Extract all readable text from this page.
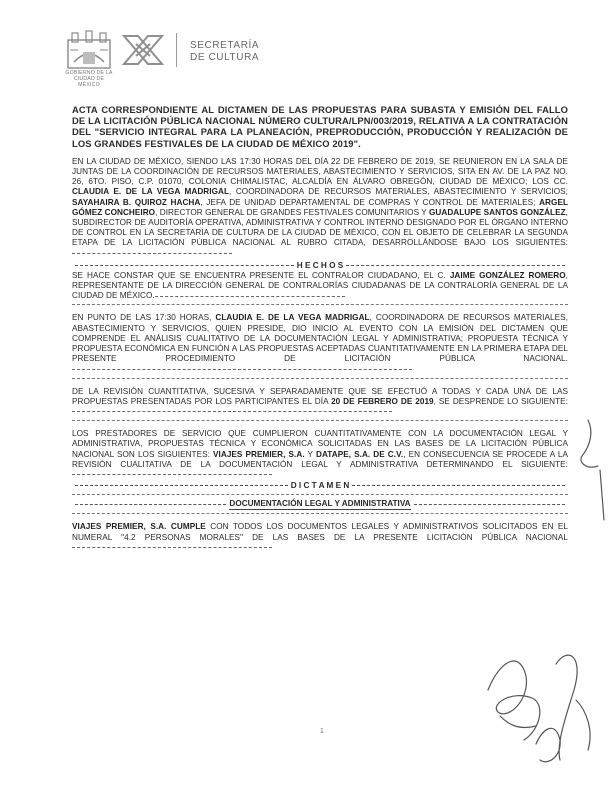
GOBIERNO DE LA
CIUDAD DE MÉXICO
SECRETARÍA
DE CULTURA

ACTA CORRESPONDIENTE AL DICTAMEN DE LAS PROPUESTAS PARA SUBASTA Y EMISIÓN DEL FALLO DE LA LICITACIÓN PÚBLICA NACIONAL NÚMERO CULTURA/LPN/003/2019, RELATIVA A LA CONTRATACIÓN DEL "SERVICIO INTEGRAL PARA LA PLANEACIÓN, PREPRODUCCIÓN, PRODUCCIÓN Y REALIZACIÓN DE LOS GRANDES FESTIVALES DE LA CIUDAD DE MÉXICO 2019".

EN LA CIUDAD DE MÉXICO, SIENDO LAS 17:30 HORAS DEL DÍA 22 DE FEBRERO DE 2019, SE REUNIERON EN LA SALA DE JUNTAS DE LA COORDINACIÓN DE RECURSOS MATERIALES, ABASTECIMIENTO Y SERVICIOS, SITA EN AV. DE LA PAZ NO. 26, 6TO. PISO, C.P. 01070, COLONIA CHIMALISTAC, ALCALDÍA EN ÁLVARO OBREGÓN, CIUDAD DE MÉXICO; LOS CC. CLAUDIA E. DE LA VEGA MADRIGAL, COORDINADORA DE RECURSOS MATERIALES, ABASTECIMIENTO Y SERVICIOS; SAYAHAIRA B. QUIROZ HACHA, JEFA DE UNIDAD DEPARTAMENTAL DE COMPRAS Y CONTROL DE MATERIALES; ARGEL GÓMEZ CONCHEIRO, DIRECTOR GENERAL DE GRANDES FESTIVALES COMUNITARIOS Y GUADALUPE SANTOS GONZÁLEZ, SUBDIRECTOR DE AUDITORÍA OPERATIVA, ADMINISTRATIVA Y CONTROL INTERNO DESIGNADO POR EL ÓRGANO INTERNO DE CONTROL EN LA SECRETARIA DE CULTURA DE LA CIUDAD DE MÉXICO, CON EL OBJETO DE CELEBRAR LA SEGUNDA ETAPA DE LA LICITACIÓN PÚBLICA NACIONAL AL RUBRO CITADA, DESARROLLÁNDOSE BAJO LOS SIGUIENTES:

H E C H O S

SE HACE CONSTAR QUE SE ENCUENTRA PRESENTE EL CONTRALOR CIUDADANO, EL C. JAIME GONZÁLEZ ROMERO, REPRESENTANTE DE LA DIRECCIÓN GENERAL DE CONTRALORÍAS CIUDADANAS DE LA CONTRALORÍA GENERAL DE LA CIUDAD DE MÉXICO.

EN PUNTO DE LAS 17:30 HORAS, CLAUDIA E. DE LA VEGA MADRIGAL, COORDINADORA DE RECURSOS MATERIALES, ABASTECIMIENTO Y SERVICIOS, QUIEN PRESIDE, DIO INICIO AL EVENTO CON LA EMISIÓN DEL DICTAMEN QUE COMPRENDE EL ANÁLISIS CUALITATIVO DE LA DOCUMENTACIÓN LEGAL Y ADMINISTRATIVA; PROPUESTA TÉCNICA Y PROPUESTA ECONÓMICA EN FUNCIÓN A LAS PROPUESTAS ACEPTADAS CUANTITATIVAMENTE EN LA PRIMERA ETAPA DEL PRESENTE PROCEDIMIENTO DE LICITACIÓN PÚBLICA NACIONAL.

DE LA REVISIÓN CUANTITATIVA, SUCESIVA Y SEPARADAMENTE QUE SE EFECTUÓ A TODAS Y CADA UNA DE LAS PROPUESTAS PRESENTADAS POR LOS PARTICIPANTES EL DÍA 20 DE FEBRERO DE 2019, SE DESPRENDE LO SIGUIENTE:

LOS PRESTADORES DE SERVICIO QUE CUMPLIERON CUANTITATIVAMENTE CON LA DOCUMENTACIÓN LEGAL Y ADMINISTRATIVA, PROPUESTAS TÉCNICA Y ECONÓMICA SOLICITADAS EN LAS BASES DE LA LICITACIÓN PÚBLICA NACIONAL SON LOS SIGUIENTES: VIAJES PREMIER, S.A. Y DATAPE, S.A. DE C.V., EN CONSECUENCIA SE PROCEDE A LA REVISIÓN CUALITATIVA DE LA DOCUMENTACIÓN LEGAL Y ADMINISTRATIVA DETERMINANDO EL SIGUIENTE:

D I C T A M E N
DOCUMENTACIÓN LEGAL Y ADMINISTRATIVA

VIAJES PREMIER, S.A. CUMPLE CON TODOS LOS DOCUMENTOS LEGALES Y ADMINISTRATIVOS SOLICITADOS EN EL NUMERAL "4.2 PERSONAS MORALES" DE LAS BASES DE LA PRESENTE LICITACIÓN PÚBLICA NACIONAL

1
